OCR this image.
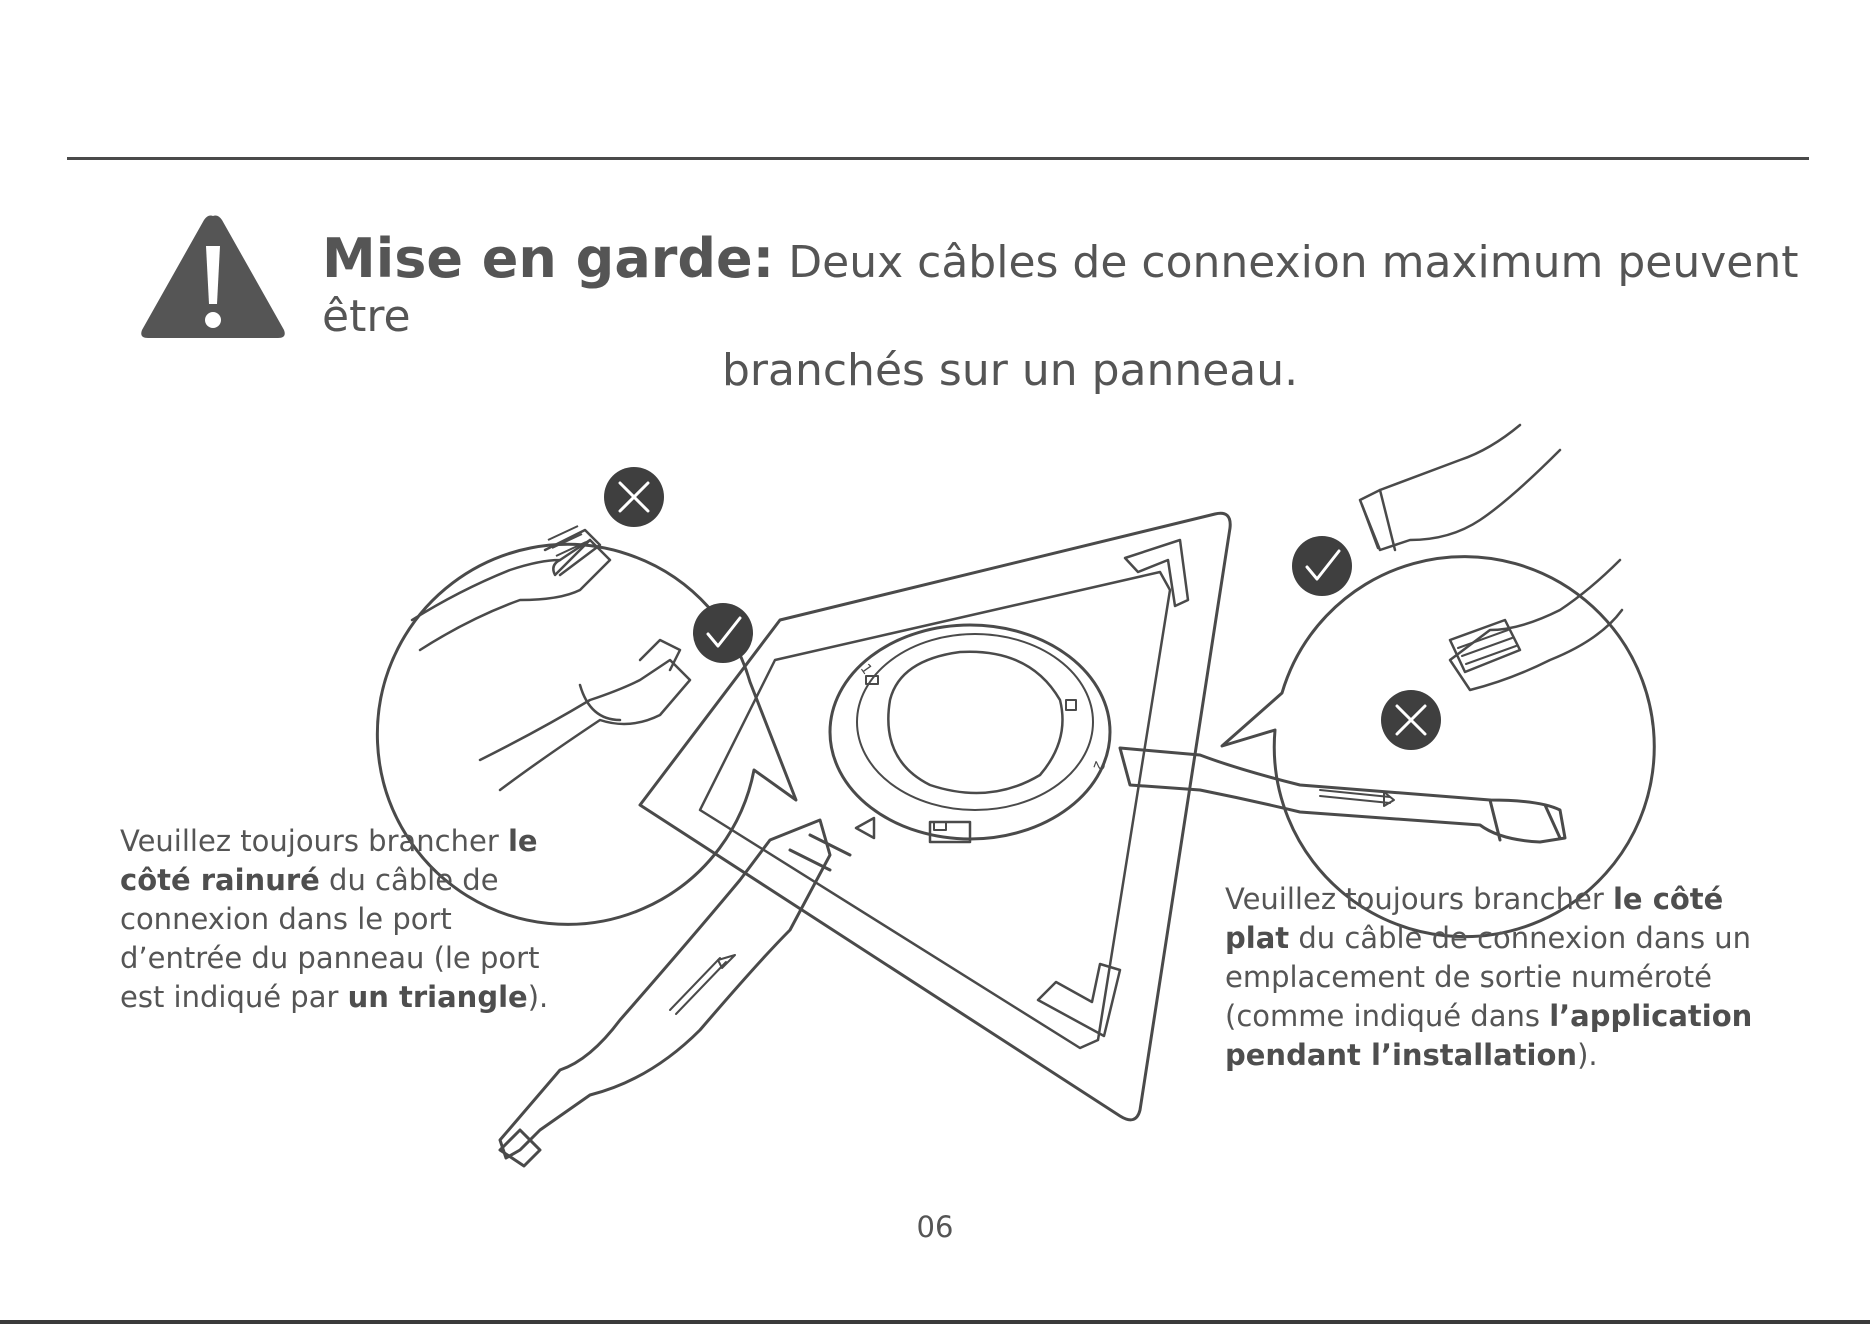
Mise en garde: Deux câbles de connexion maximum peuvent être
branchés sur un panneau.
1
2

Veuillez toujours brancher le côté rainuré du câble de connexion dans le port d’entrée du panneau (le port est indiqué par un triangle).

Veuillez toujours brancher le côté plat du câble de connexion dans un emplacement de sortie numéroté (comme indiqué dans l’application pendant l’installation).

06
